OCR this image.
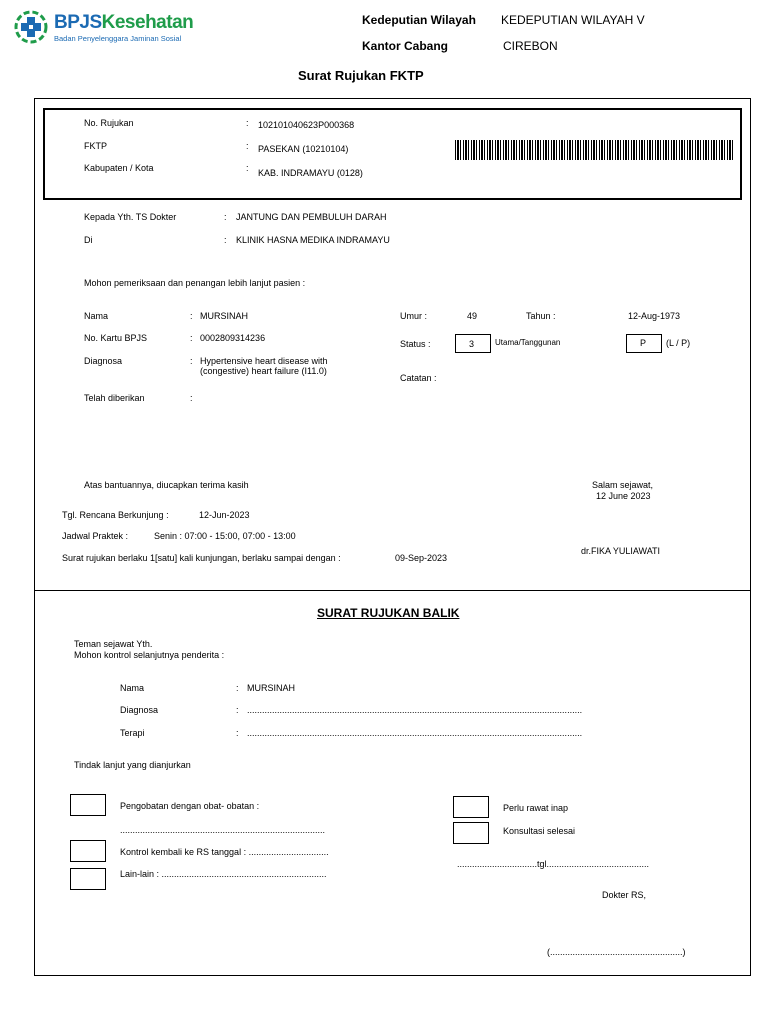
BPJSKesehatan
Badan Penyelenggara Jaminan Sosial
Kedeputian Wilayah KEDEPUTIAN WILAYAH V
Kantor Cabang	CIREBON
Surat Rujukan FKTP
No. Rujukan	: 102101040623P000368
FKTP	: PASEKAN (10210104)
Kabupaten / Kota	: KAB. INDRAMAYU (0128)
Kepada Yth. TS Dokter	: JANTUNG DAN PEMBULUH DARAH
Di	: KLINIK HASNA MEDIKA INDRAMAYU
Mohon pemeriksaan dan penangan lebih lanjut pasien :
Nama	: MURSINAH
No. Kartu BPJS	: 0002809314236
Diagnosa	: Hypertensive heart disease with
(congestive) heart failure (I11.0)
Telah diberikan	:
Umur :	49	Tahun :	12-Aug-1973
Status :	3	Utama/Tanggunan	P (L / P)
Catatan :
Atas bantuannya, diucapkan terima kasih	Salam sejawat,
12 June 2023
Tgl. Rencana Berkunjung :	12-Jun-2023
Jadwal Praktek :	Senin : 07:00 - 15:00, 07:00 - 13:00
Surat rujukan berlaku 1[satu] kali kunjungan, berlaku sampai dengan :	09-Sep-2023
dr.FIKA YULIAWATI
SURAT RUJUKAN BALIK
Teman sejawat Yth.
Mohon kontrol selanjutnya penderita :
Nama	: MURSINAH
Diagnosa	: ......................................................................................................................................
Terapi	: ......................................................................................................................................
Tindak lanjut yang dianjurkan
Pengobatan dengan obat- obatan :
..................................................................................
Kontrol kembali ke RS tanggal : ................................
Lain-lain : ..................................................................
Perlu rawat inap
Konsultasi selesai
................................tgl.........................................
Dokter RS,
(.....................................................)
